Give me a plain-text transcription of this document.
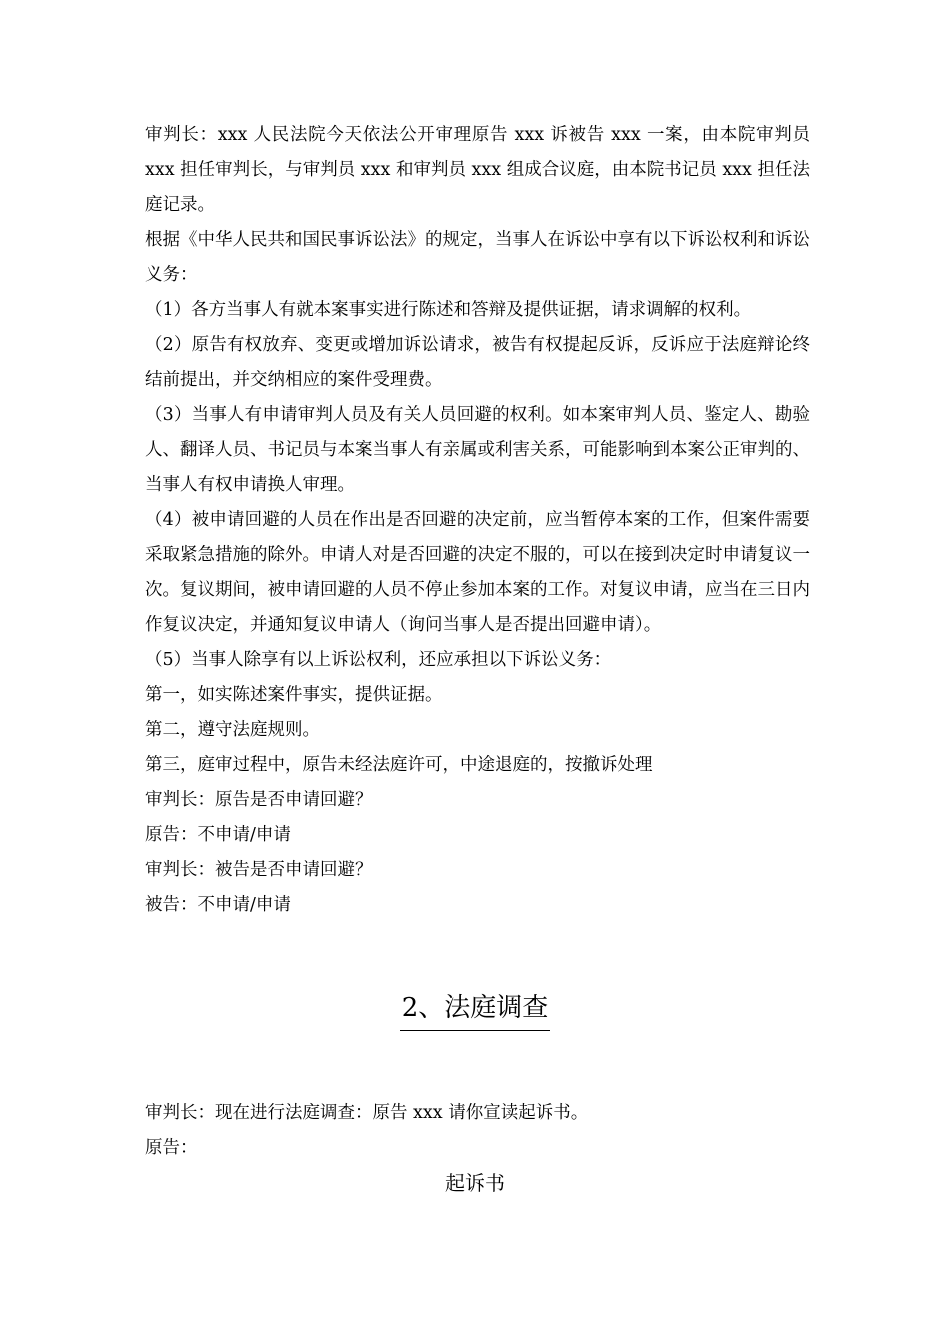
审判长：xxx 人民法院今天依法公开审理原告 xxx 诉被告 xxx 一案，由本院审判员 xxx 担任审判长，与审判员 xxx 和审判员 xxx 组成合议庭，由本院书记员 xxx 担任法庭记录。

根据《中华人民共和国民事诉讼法》的规定，当事人在诉讼中享有以下诉讼权利和诉讼义务：

（1）各方当事人有就本案事实进行陈述和答辩及提供证据，请求调解的权利。

（2）原告有权放弃、变更或增加诉讼请求，被告有权提起反诉，反诉应于法庭辩论终结前提出，并交纳相应的案件受理费。

（3）当事人有申请审判人员及有关人员回避的权利。如本案审判人员、鉴定人、勘验人、翻译人员、书记员与本案当事人有亲属或利害关系，可能影响到本案公正审判的、当事人有权申请换人审理。

（4）被申请回避的人员在作出是否回避的决定前，应当暂停本案的工作，但案件需要采取紧急措施的除外。申请人对是否回避的决定不服的，可以在接到决定时申请复议一次。复议期间，被申请回避的人员不停止参加本案的工作。对复议申请，应当在三日内作复议决定，并通知复议申请人（询问当事人是否提出回避申请）。

（5）当事人除享有以上诉讼权利，还应承担以下诉讼义务：

第一，如实陈述案件事实，提供证据。

第二，遵守法庭规则。

第三，庭审过程中，原告未经法庭许可，中途退庭的，按撤诉处理

审判长：原告是否申请回避？

原告：不申请/申请

审判长：被告是否申请回避？

被告：不申请/申请

2、法庭调查

审判长：现在进行法庭调查：原告 xxx 请你宣读起诉书。

原告：

起诉书
